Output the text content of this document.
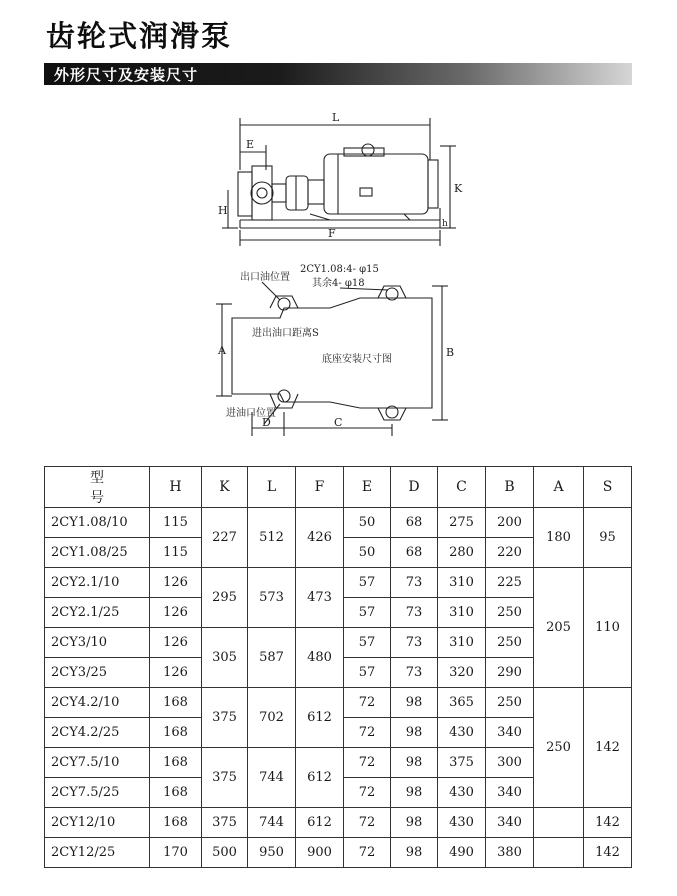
齿轮式润滑泵
外形尺寸及安装尺寸
L
E
K
H
h
F
出口油位置
2CY1.08:4- φ15
其余4- φ18
进出油口距离S
底座安装尺寸图
进油口位置
A	B
D	C
型 号	H	K	L	F	E	D	C	B	A	S
2CY1.08/10	115	227	512	426	50	68	275	200	180	95
2CY1.08/25	115				50	68	280	220		
2CY2.1/10	126	295	573	473	57	73	310	225	205	110
2CY2.1/25	126				57	73	310	250		
2CY3/10	126	305	587	480	57	73	310	250		
2CY3/25	126				57	73	320	290		
2CY4.2/10	168	375	702	612	72	98	365	250	250	142
2CY4.2/25	168				72	98	430	340		
2CY7.5/10	168	375	744	612	72	98	375	300		
2CY7.5/25	168				72	98	430	340		
2CY12/10	168	375	744	612	72	98	430	340		142
2CY12/25	170	500	950	900	72	98	490	380		142
